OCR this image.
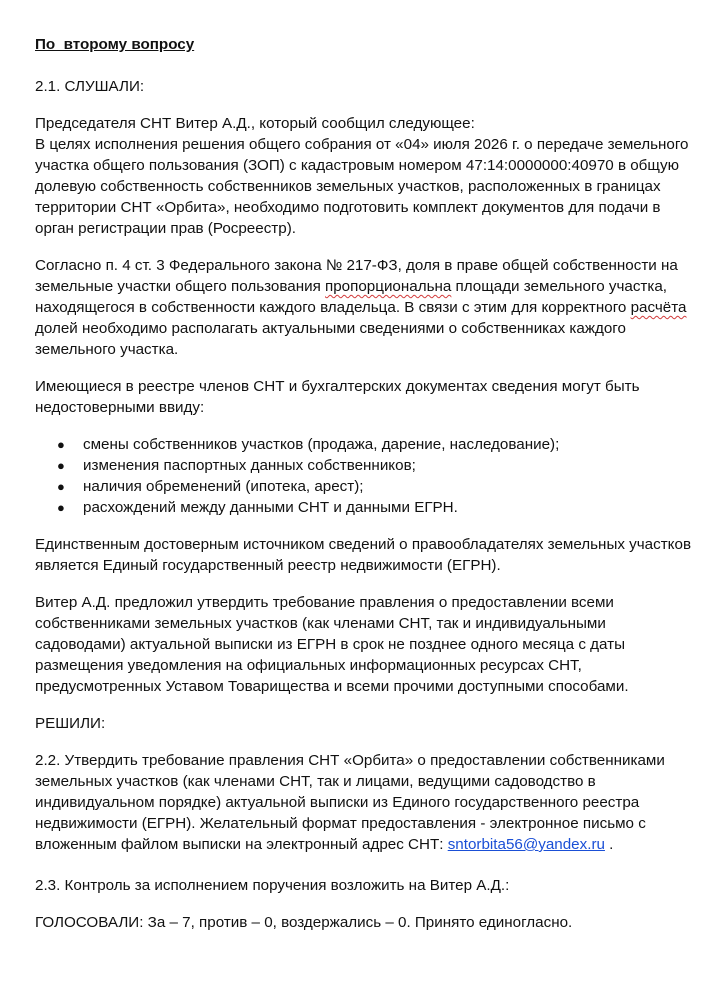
По  второму вопросу

2.1. СЛУШАЛИ:

Председателя СНТ Витер А.Д., который сообщил следующее:

В целях исполнения решения общего собрания от «04» июля 2026 г. о передаче земельного участка общего пользования (ЗОП) с кадастровым номером 47:14:0000000:40970 в общую долевую собственность собственников земельных участков, расположенных в границах территории СНТ «Орбита», необходимо подготовить комплект документов для подачи в орган регистрации прав (Росреестр).

Согласно п. 4 ст. 3 Федерального закона № 217-ФЗ, доля в праве общей собственности на земельные участки общего пользования пропорциональна площади земельного участка, находящегося в собственности каждого владельца. В связи с этим для корректного расчёта долей необходимо располагать актуальными сведениями о собственниках каждого земельного участка.

Имеющиеся в реестре членов СНТ и бухгалтерских документах сведения могут быть недостоверными ввиду:

● смены собственников участков (продажа, дарение, наследование);
● изменения паспортных данных собственников;
● наличия обременений (ипотека, арест);
● расхождений между данными СНТ и данными ЕГРН.

Единственным достоверным источником сведений о правообладателях земельных участков является Единый государственный реестр недвижимости (ЕГРН).

Витер А.Д. предложил утвердить требование правления о предоставлении всеми собственниками земельных участков (как членами СНТ, так и индивидуальными садоводами) актуальной выписки из ЕГРН в срок не позднее одного месяца с даты размещения уведомления на официальных информационных ресурсах СНТ, предусмотренных Уставом Товарищества и всеми прочими доступными способами.

РЕШИЛИ:

2.2. Утвердить требование правления СНТ «Орбита» о предоставлении собственниками земельных участков (как членами СНТ, так и лицами, ведущими садоводство в индивидуальном порядке) актуальной выписки из Единого государственного реестра недвижимости (ЕГРН). Желательный формат предоставления - электронное письмо с вложенным файлом выписки на электронный адрес СНТ: sntorbita56@yandex.ru .

2.3. Контроль за исполнением поручения возложить на Витер А.Д.:

ГОЛОСОВАЛИ: За – 7, против – 0, воздержались – 0. Принято единогласно.
